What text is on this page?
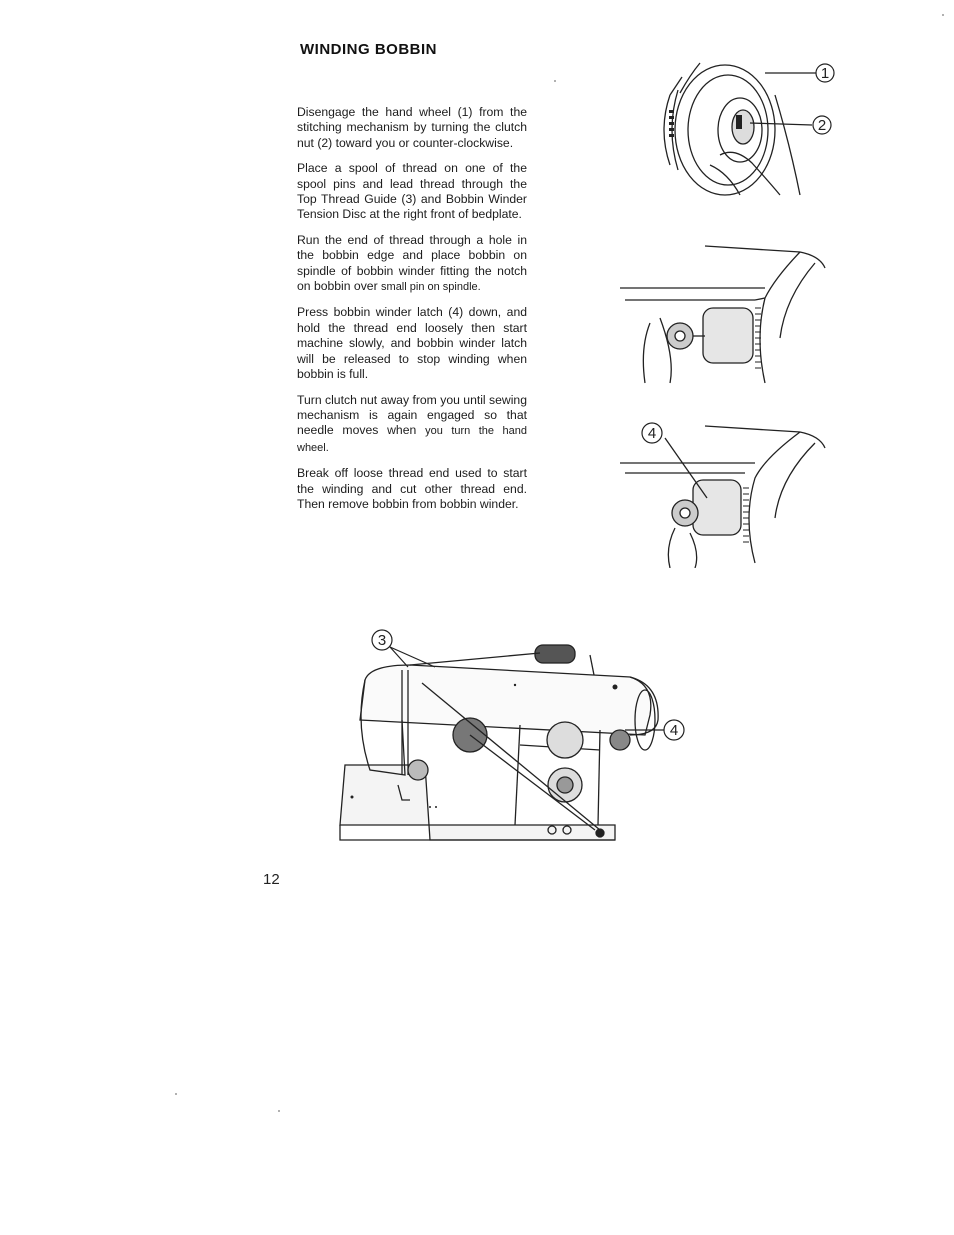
WINDING BOBBIN

Disengage the hand wheel (1) from the stitching mechanism by turning the clutch nut (2) toward you or counter-clockwise.

Place a spool of thread on one of the spool pins and lead thread through the Top Thread Guide (3) and Bobbin Winder Tension Disc at the right front of bedplate.

Run the end of thread through a hole in the bobbin edge and place bobbin on spindle of bobbin winder fitting the notch on bobbin over small pin on spindle.

Press bobbin winder latch (4) down, and hold the thread end loosely then start machine slowly, and bobbin winder latch will be released to stop winding when bobbin is full.

Turn clutch nut away from you until sewing mechanism is again engaged so that needle moves when you turn the hand wheel.

Break off loose thread end used to start the winding and cut other thread end. Then remove bobbin from bobbin winder.

1
2
4
3
4
12
